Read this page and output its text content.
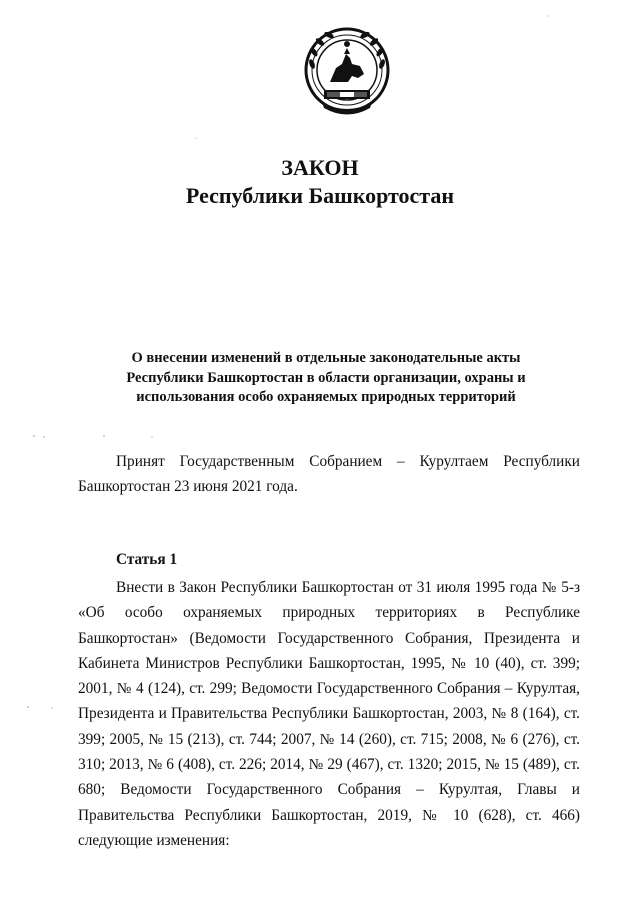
ЗАКОН
Республики Башкортостан

О внесении изменений в отдельные законодательные акты Республики Башкортостан в области организации, охраны и использования особо охраняемых природных территорий

Принят Государственным Собранием – Курултаем Республики Башкортостан 23 июня 2021 года.

Статья 1

Внести в Закон Республики Башкортостан от 31 июля 1995 года № 5-з «Об особо охраняемых природных территориях в Республике Башкортостан» (Ведомости Государственного Собрания, Президента и Кабинета Министров Республики Башкортостан, 1995, № 10 (40), ст. 399; 2001, № 4 (124), ст. 299; Ведомости Государственного Собрания – Курултая, Президента и Правительства Республики Башкортостан, 2003, № 8 (164), ст. 399; 2005, № 15 (213), ст. 744; 2007, № 14 (260), ст. 715; 2008, № 6 (276), ст. 310; 2013, № 6 (408), ст. 226; 2014, № 29 (467), ст. 1320; 2015, № 15 (489), ст. 680; Ведомости Государственного Собрания – Курултая, Главы и Правительства Республики Башкортостан, 2019, № 10 (628), ст. 466) следующие изменения:
